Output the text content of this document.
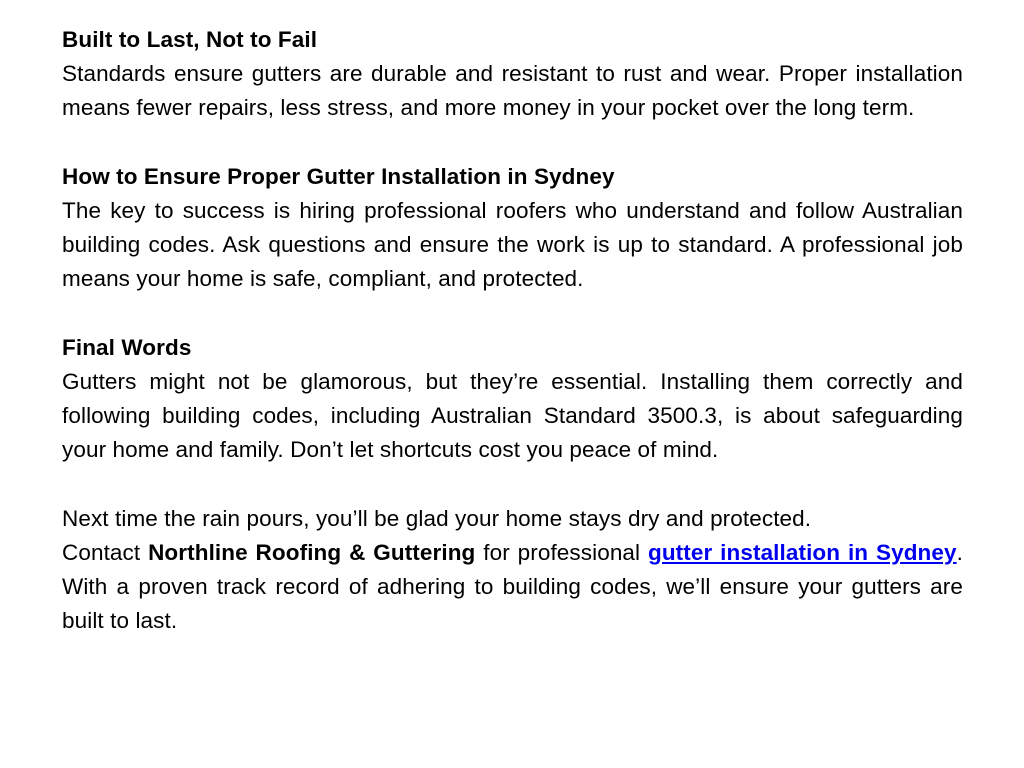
Built to Last, Not to Fail

Standards ensure gutters are durable and resistant to rust and wear. Proper installation means fewer repairs, less stress, and more money in your pocket over the long term.

How to Ensure Proper Gutter Installation in Sydney

The key to success is hiring professional roofers who understand and follow Australian building codes. Ask questions and ensure the work is up to standard. A professional job means your home is safe, compliant, and protected.

Final Words

Gutters might not be glamorous, but they’re essential. Installing them correctly and following building codes, including Australian Standard 3500.3, is about safeguarding your home and family. Don’t let shortcuts cost you peace of mind.

Next time the rain pours, you’ll be glad your home stays dry and protected.

Contact Northline Roofing & Guttering for professional gutter installation in Sydney. With a proven track record of adhering to building codes, we’ll ensure your gutters are built to last.
